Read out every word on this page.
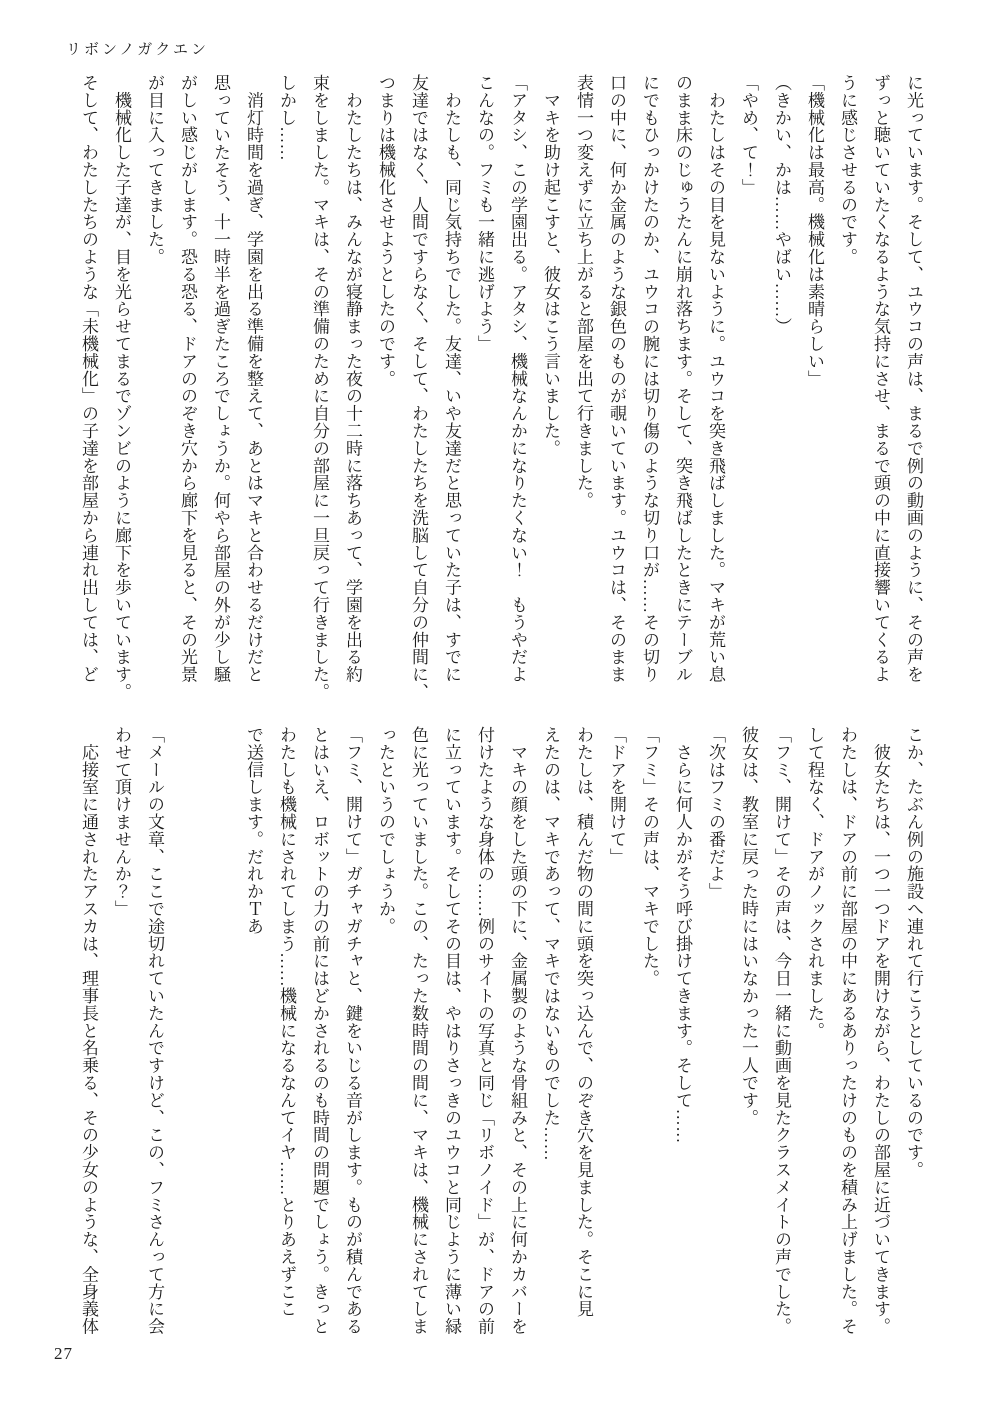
リボンノガクエン
に光っています。そして、ユウコの声は、まるで例の動画のように、その声を
ずっと聴いていたくなるような気持にさせ、まるで頭の中に直接響いてくるよ
うに感じさせるのです。
「機械化は最高。機械化は素晴らしい」
（きかい、かは……やばい……）
「やめ、て！」
　わたしはその目を見ないように。ユウコを突き飛ばしました。マキが荒い息
のまま床のじゅうたんに崩れ落ちます。そして、突き飛ばしたときにテーブル
にでもひっかけたのか、ユウコの腕には切り傷のような切り口が……その切り
口の中に、何か金属のような銀色のものが覗いています。ユウコは、そのまま
表情一つ変えずに立ち上がると部屋を出て行きました。
　マキを助け起こすと、彼女はこう言いました。
「アタシ、この学園出る。アタシ、機械なんかになりたくない！　もうやだよ
こんなの。フミも一緒に逃げよう」
　わたしも、同じ気持ちでした。友達、いや友達だと思っていた子は、すでに
友達ではなく、人間ですらなく、そして、わたしたちを洗脳して自分の仲間に、
つまりは機械化させようとしたのです。
　わたしたちは、みんなが寝静まった夜の十二時に落ちあって、学園を出る約
束をしました。マキは、その準備のために自分の部屋に一旦戻って行きました。
しかし……
　消灯時間を過ぎ、学園を出る準備を整えて、あとはマキと合わせるだけだと
思っていたそう、十一時半を過ぎたころでしょうか。何やら部屋の外が少し騒
がしい感じがします。恐る恐る、ドアののぞき穴から廊下を見ると、その光景
が目に入ってきました。
　機械化した子達が、目を光らせてまるでゾンビのように廊下を歩いています。
そして、わたしたちのような「未機械化」の子達を部屋から連れ出しては、ど
こか、たぶん例の施設へ連れて行こうとしているのです。
　彼女たちは、一つ一つドアを開けながら、わたしの部屋に近づいてきます。
わたしは、ドアの前に部屋の中にあるありったけのものを積み上げました。そ
して程なく、ドアがノックされました。
「フミ、開けて」その声は、今日一緒に動画を見たクラスメイトの声でした。
彼女は、教室に戻った時にはいなかった一人です。
「次はフミの番だよ」
　さらに何人かがそう呼び掛けてきます。そして……
「フミ」その声は、マキでした。
「ドアを開けて」
わたしは、積んだ物の間に頭を突っ込んで、のぞき穴を見ました。そこに見
えたのは、マキであって、マキではないものでした……
　マキの顔をした頭の下に、金属製のような骨組みと、その上に何かカバーを
付けたような身体の……例のサイトの写真と同じ「リボノイド」が、ドアの前
に立っています。そしてその目は、やはりさっきのユウコと同じように薄い緑
色に光っていました。この、たった数時間の間に、マキは、機械にされてしま
ったというのでしょうか。
「フミ、開けて」ガチャガチャと、鍵をいじる音がします。ものが積んである
とはいえ、ロボットの力の前にはどかされるのも時間の問題でしょう。きっと
わたしも機械にされてしまう……機械になるなんてイヤ……とりあえずここ
で送信します。だれかＴあ

「メールの文章、ここで途切れていたんですけど、この、フミさんって方に会
わせて頂けませんか？」
　応接室に通されたアスカは、理事長と名乗る、その少女のような、全身義体
27
